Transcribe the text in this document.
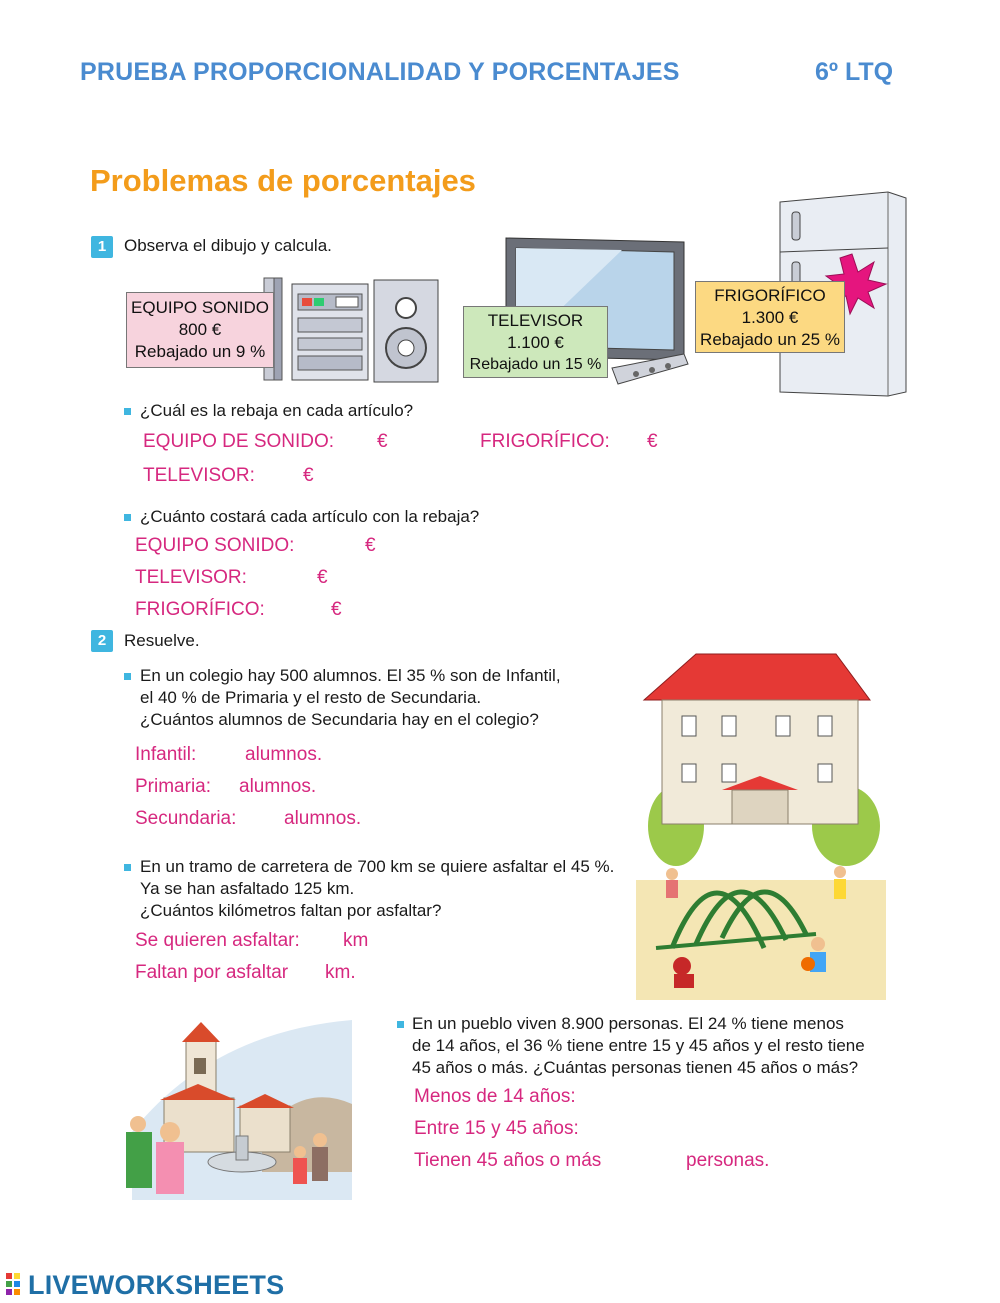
PRUEBA PROPORCIONALIDAD Y PORCENTAJES	6º LTQ
Problemas de porcentajes
1	Observa el dibujo y calcula.
EQUIPO SONIDO
800 €
Rebajado un 9 %
TELEVISOR
1.100 €
Rebajado un 15 %
FRIGORÍFICO
1.300 €
Rebajado un 25 %
¿Cuál es la rebaja en cada artículo?
EQUIPO DE SONIDO: €	FRIGORÍFICO: €
TELEVISOR:	€
¿Cuánto costará cada artículo con la rebaja?
EQUIPO SONIDO:	€
TELEVISOR:	€
FRIGORÍFICO:	€
2	Resuelve.
En un colegio hay 500 alumnos. El 35 % son de Infantil,
el 40 % de Primaria y el resto de Secundaria.
¿Cuántos alumnos de Secundaria hay en el colegio?
Infantil:	alumnos.
Primaria: alumnos.
Secundaria:	alumnos.
En un tramo de carretera de 700 km se quiere asfaltar el 45 %.
Ya se han asfaltado 125 km.
¿Cuántos kilómetros faltan por asfaltar?
Se quieren asfaltar: km
Faltan por asfaltar km.
En un pueblo viven 8.900 personas. El 24 % tiene menos
de 14 años, el 36 % tiene entre 15 y 45 años y el resto tiene
45 años o más. ¿Cuántas personas tienen 45 años o más?
Menos de 14 años:
Entre 15 y 45 años:
Tienen 45 años o más	personas.
LIVEWORKSHEETS
